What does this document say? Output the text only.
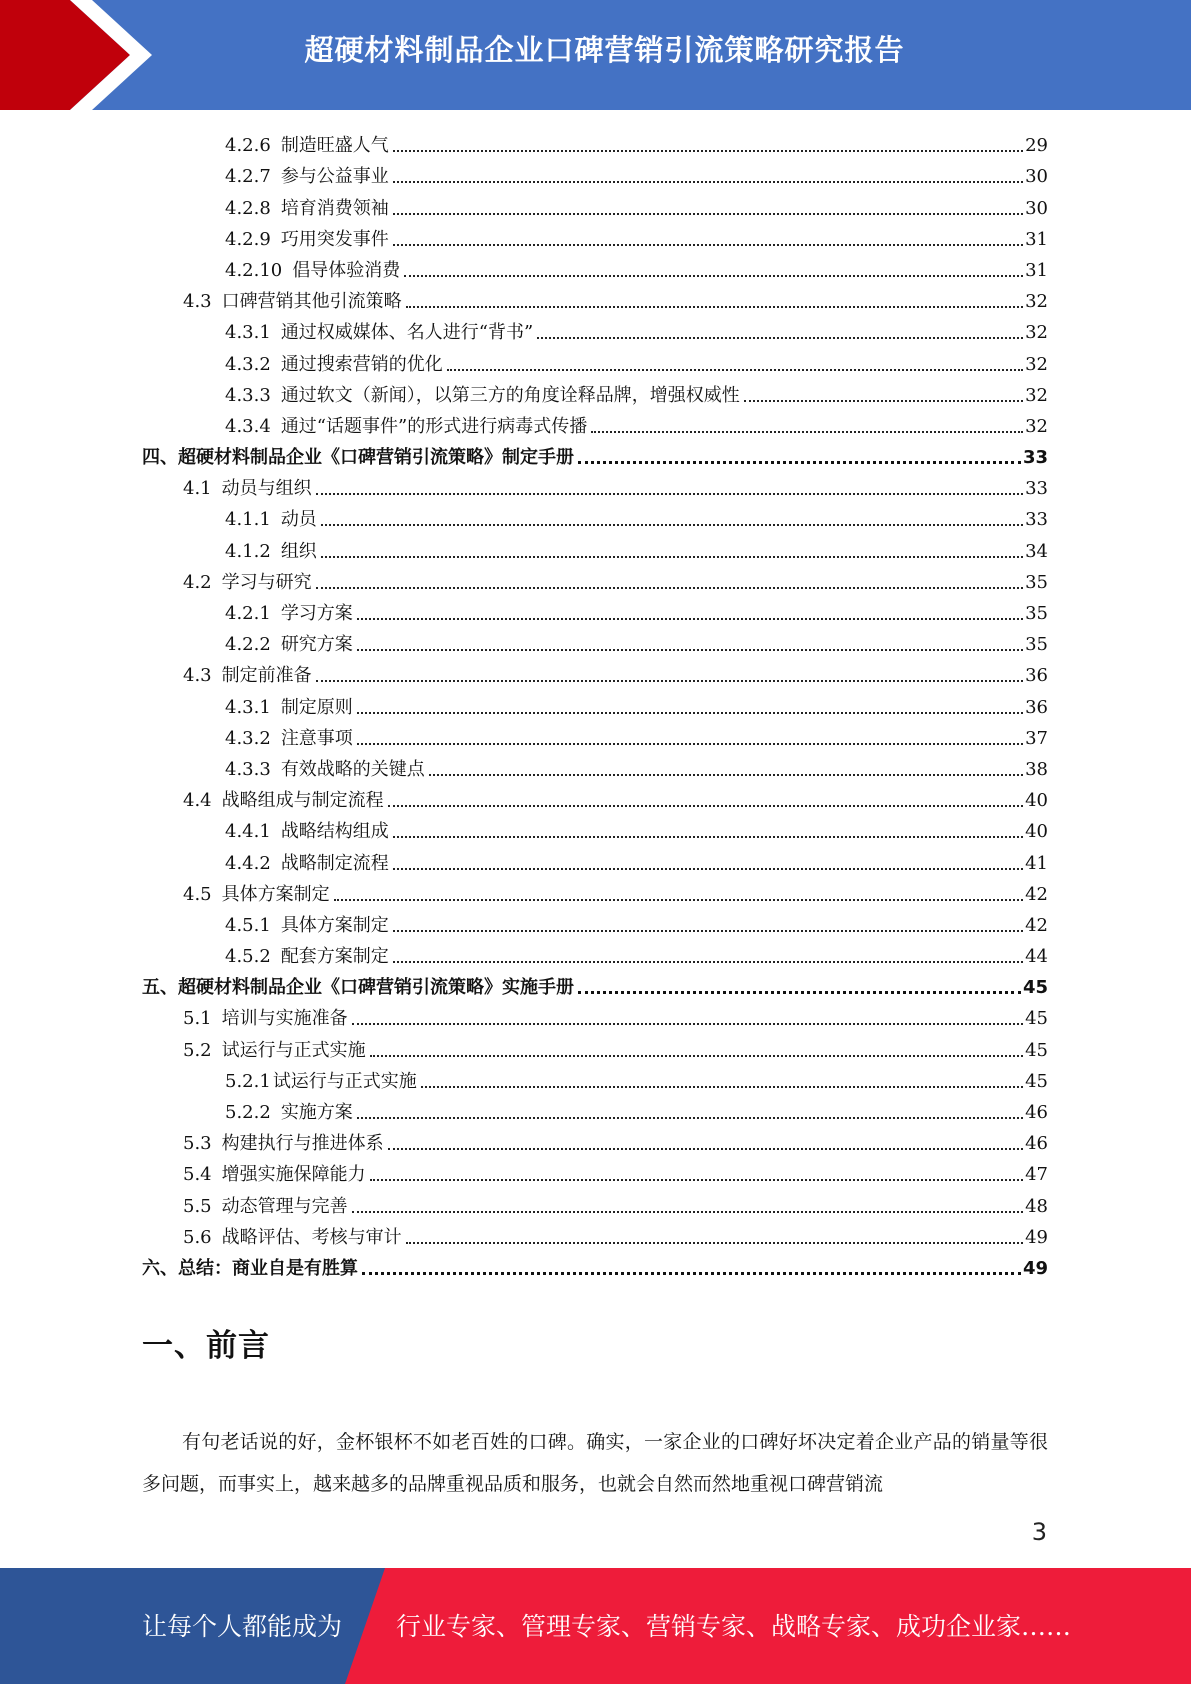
超硬材料制品企业口碑营销引流策略研究报告
4.2.6 制造旺盛人气	29
4.2.7 参与公益事业	30
4.2.8 培育消费领袖	30
4.2.9 巧用突发事件	31
4.2.10 倡导体验消费	31
4.3 口碑营销其他引流策略	32
4.3.1 通过权威媒体、名人进行“背书”	32
4.3.2 通过搜索营销的优化	32
4.3.3 通过软文（新闻），以第三方的角度诠释品牌，增强权威性	32
4.3.4 通过“话题事件”的形式进行病毒式传播	32
四、超硬材料制品企业《口碑营销引流策略》制定手册	33
4.1 动员与组织	33
4.1.1 动员	33
4.1.2 组织	34
4.2 学习与研究	35
4.2.1 学习方案	35
4.2.2 研究方案	35
4.3 制定前准备	36
4.3.1 制定原则	36
4.3.2 注意事项	37
4.3.3 有效战略的关键点	38
4.4 战略组成与制定流程	40
4.4.1 战略结构组成	40
4.4.2 战略制定流程	41
4.5 具体方案制定	42
4.5.1 具体方案制定	42
4.5.2 配套方案制定	44
五、超硬材料制品企业《口碑营销引流策略》实施手册	45
5.1 培训与实施准备	45
5.2 试运行与正式实施	45
5.2.1 试运行与正式实施	45
5.2.2 实施方案	46
5.3 构建执行与推进体系	46
5.4 增强实施保障能力	47
5.5 动态管理与完善	48
5.6 战略评估、考核与审计	49
六、总结：商业自是有胜算	49
一、前言

有句老话说的好，金杯银杯不如老百姓的口碑。确实，一家企业的口碑好坏决定着企业产品的销量等很多问题，而事实上，越来越多的品牌重视品质和服务，也就会自然而然地重视口碑营销流

3
让每个人都能成为 行业专家、管理专家、营销专家、战略专家、成功企业家……
